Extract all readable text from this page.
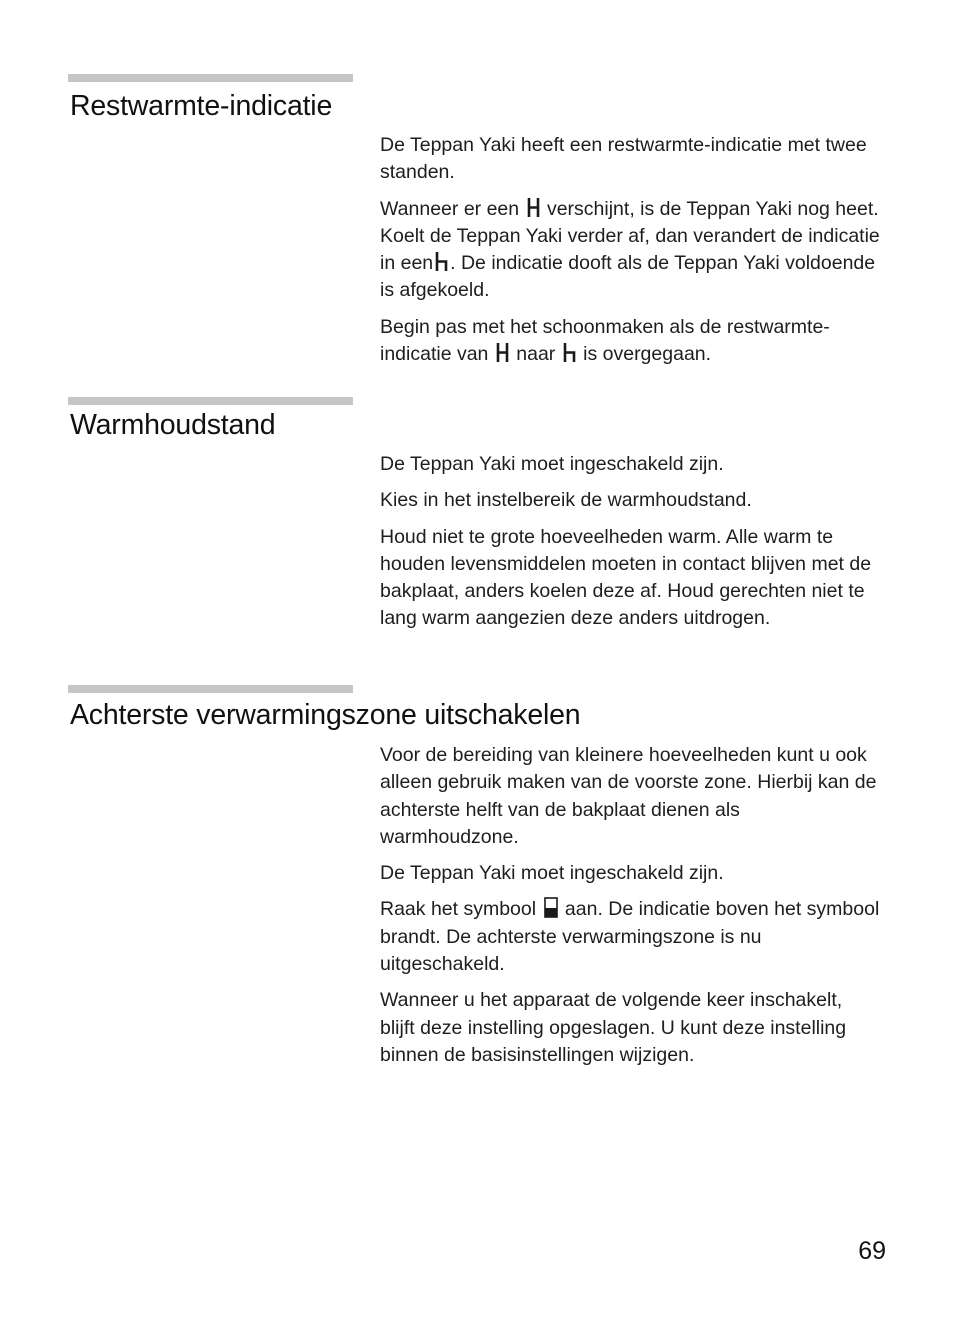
Restwarmte-indicatie

De Teppan Yaki heeft een restwarmte-indicatie met twee standen.

Wanneer er een verschijnt, is de Teppan Yaki nog heet. Koelt de Teppan Yaki verder af, dan verandert de indicatie in een . De indicatie dooft als de Teppan Yaki voldoende is afgekoeld.

Begin pas met het schoonmaken als de restwarmte-indicatie van naar is overgegaan.

Warmhoudstand

De Teppan Yaki moet ingeschakeld zijn.

Kies in het instelbereik de warmhoudstand.

Houd niet te grote hoeveelheden warm. Alle warm te houden levensmiddelen moeten in contact blijven met de bakplaat, anders koelen deze af. Houd gerechten niet te lang warm aangezien deze anders uitdrogen.

Achterste verwarmingszone uitschakelen

Voor de bereiding van kleinere hoeveelheden kunt u ook alleen gebruik maken van de voorste zone. Hierbij kan de achterste helft van de bakplaat dienen als warmhoudzone.

De Teppan Yaki moet ingeschakeld zijn.

Raak het symbool aan. De indicatie boven het symbool brandt. De achterste verwarmingszone is nu uitgeschakeld.

Wanneer u het apparaat de volgende keer inschakelt, blijft deze instelling opgeslagen. U kunt deze instelling binnen de basisinstellingen wijzigen.

69
